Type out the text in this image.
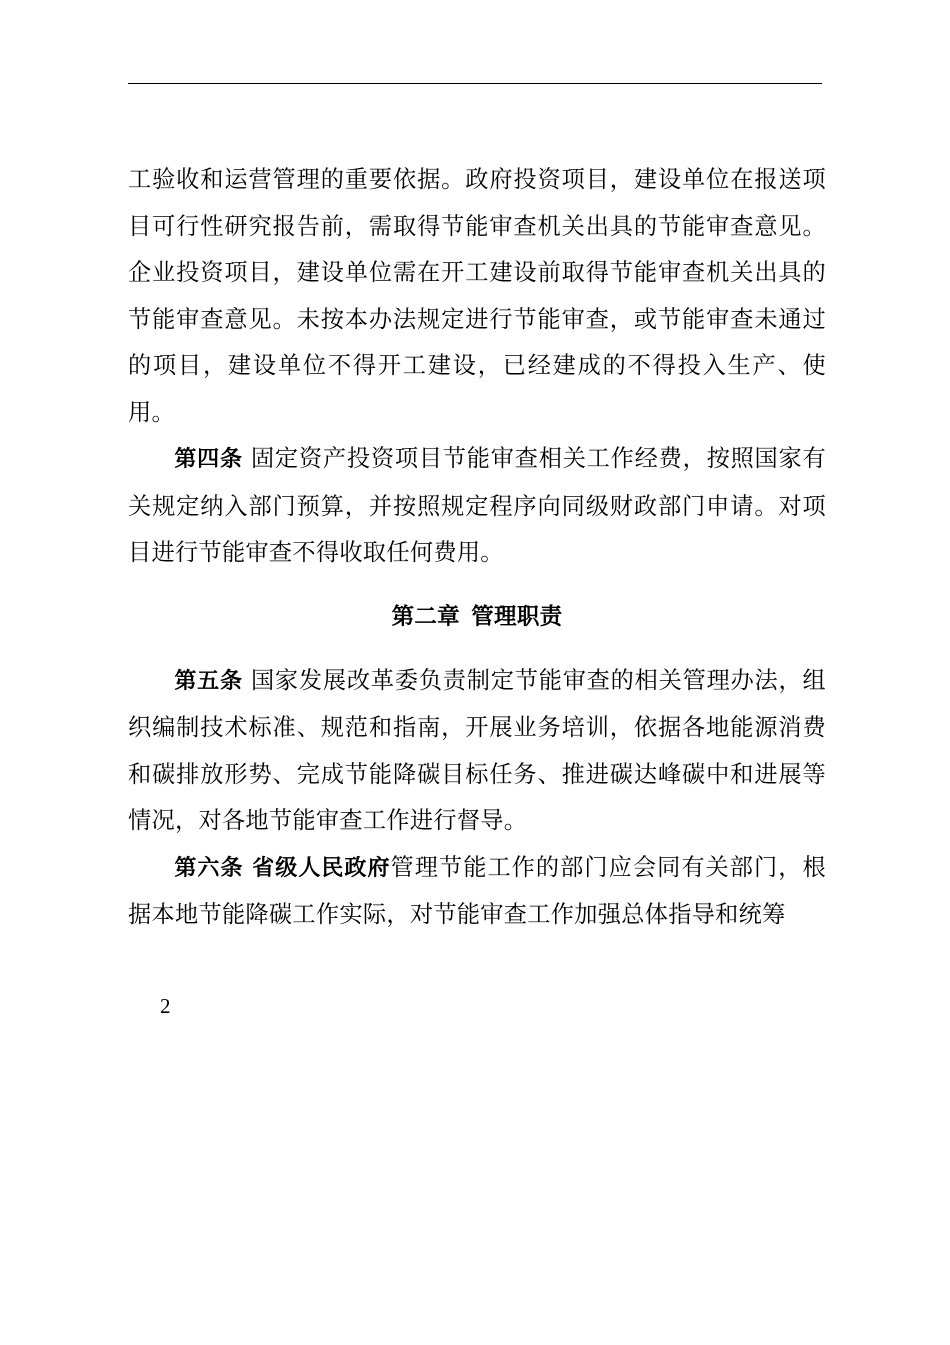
工验收和运营管理的重要依据。政府投资项目，建设单位在报送项目可行性研究报告前，需取得节能审查机关出具的节能审查意见。企业投资项目，建设单位需在开工建设前取得节能审查机关出具的节能审查意见。未按本办法规定进行节能审查，或节能审查未通过的项目，建设单位不得开工建设，已经建成的不得投入生产、使用。

第四条 固定资产投资项目节能审查相关工作经费，按照国家有关规定纳入部门预算，并按照规定程序向同级财政部门申请。对项目进行节能审查不得收取任何费用。

第二章 管理职责

第五条 国家发展改革委负责制定节能审查的相关管理办法，组织编制技术标准、规范和指南，开展业务培训，依据各地能源消费和碳排放形势、完成节能降碳目标任务、推进碳达峰碳中和进展等情况，对各地节能审查工作进行督导。

第六条 省级人民政府管理节能工作的部门应会同有关部门，根据本地节能降碳工作实际，对节能审查工作加强总体指导和统筹

2
